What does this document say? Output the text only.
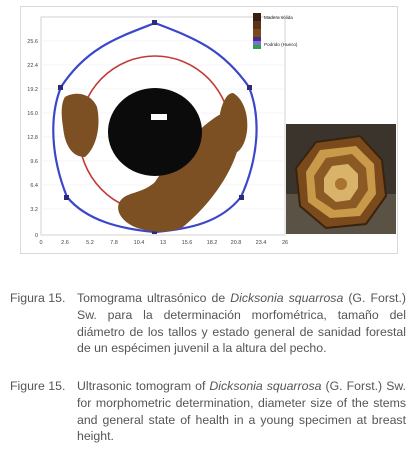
25.6
22.4
19.2
16.0
12.8
9.6
6.4
3.2
0
0	2.6	5.2	7.8	10.4	13	15.6	18.2 20.8	23.4	26
Madera sólida
Podrido (Hueco)
Figura 15. Tomograma ultrasónico de Dicksonia squarrosa (G. Forst.) Sw. para la determinación morfométrica, tamaño del diámetro de los tallos y estado general de sanidad forestal de un espécimen juvenil a la altura del pecho.
Figure 15. Ultrasonic tomogram of Dicksonia squarrosa (G. Forst.) Sw. for morphometric determination, diameter size of the stems and general state of health in a young specimen at breast height.
